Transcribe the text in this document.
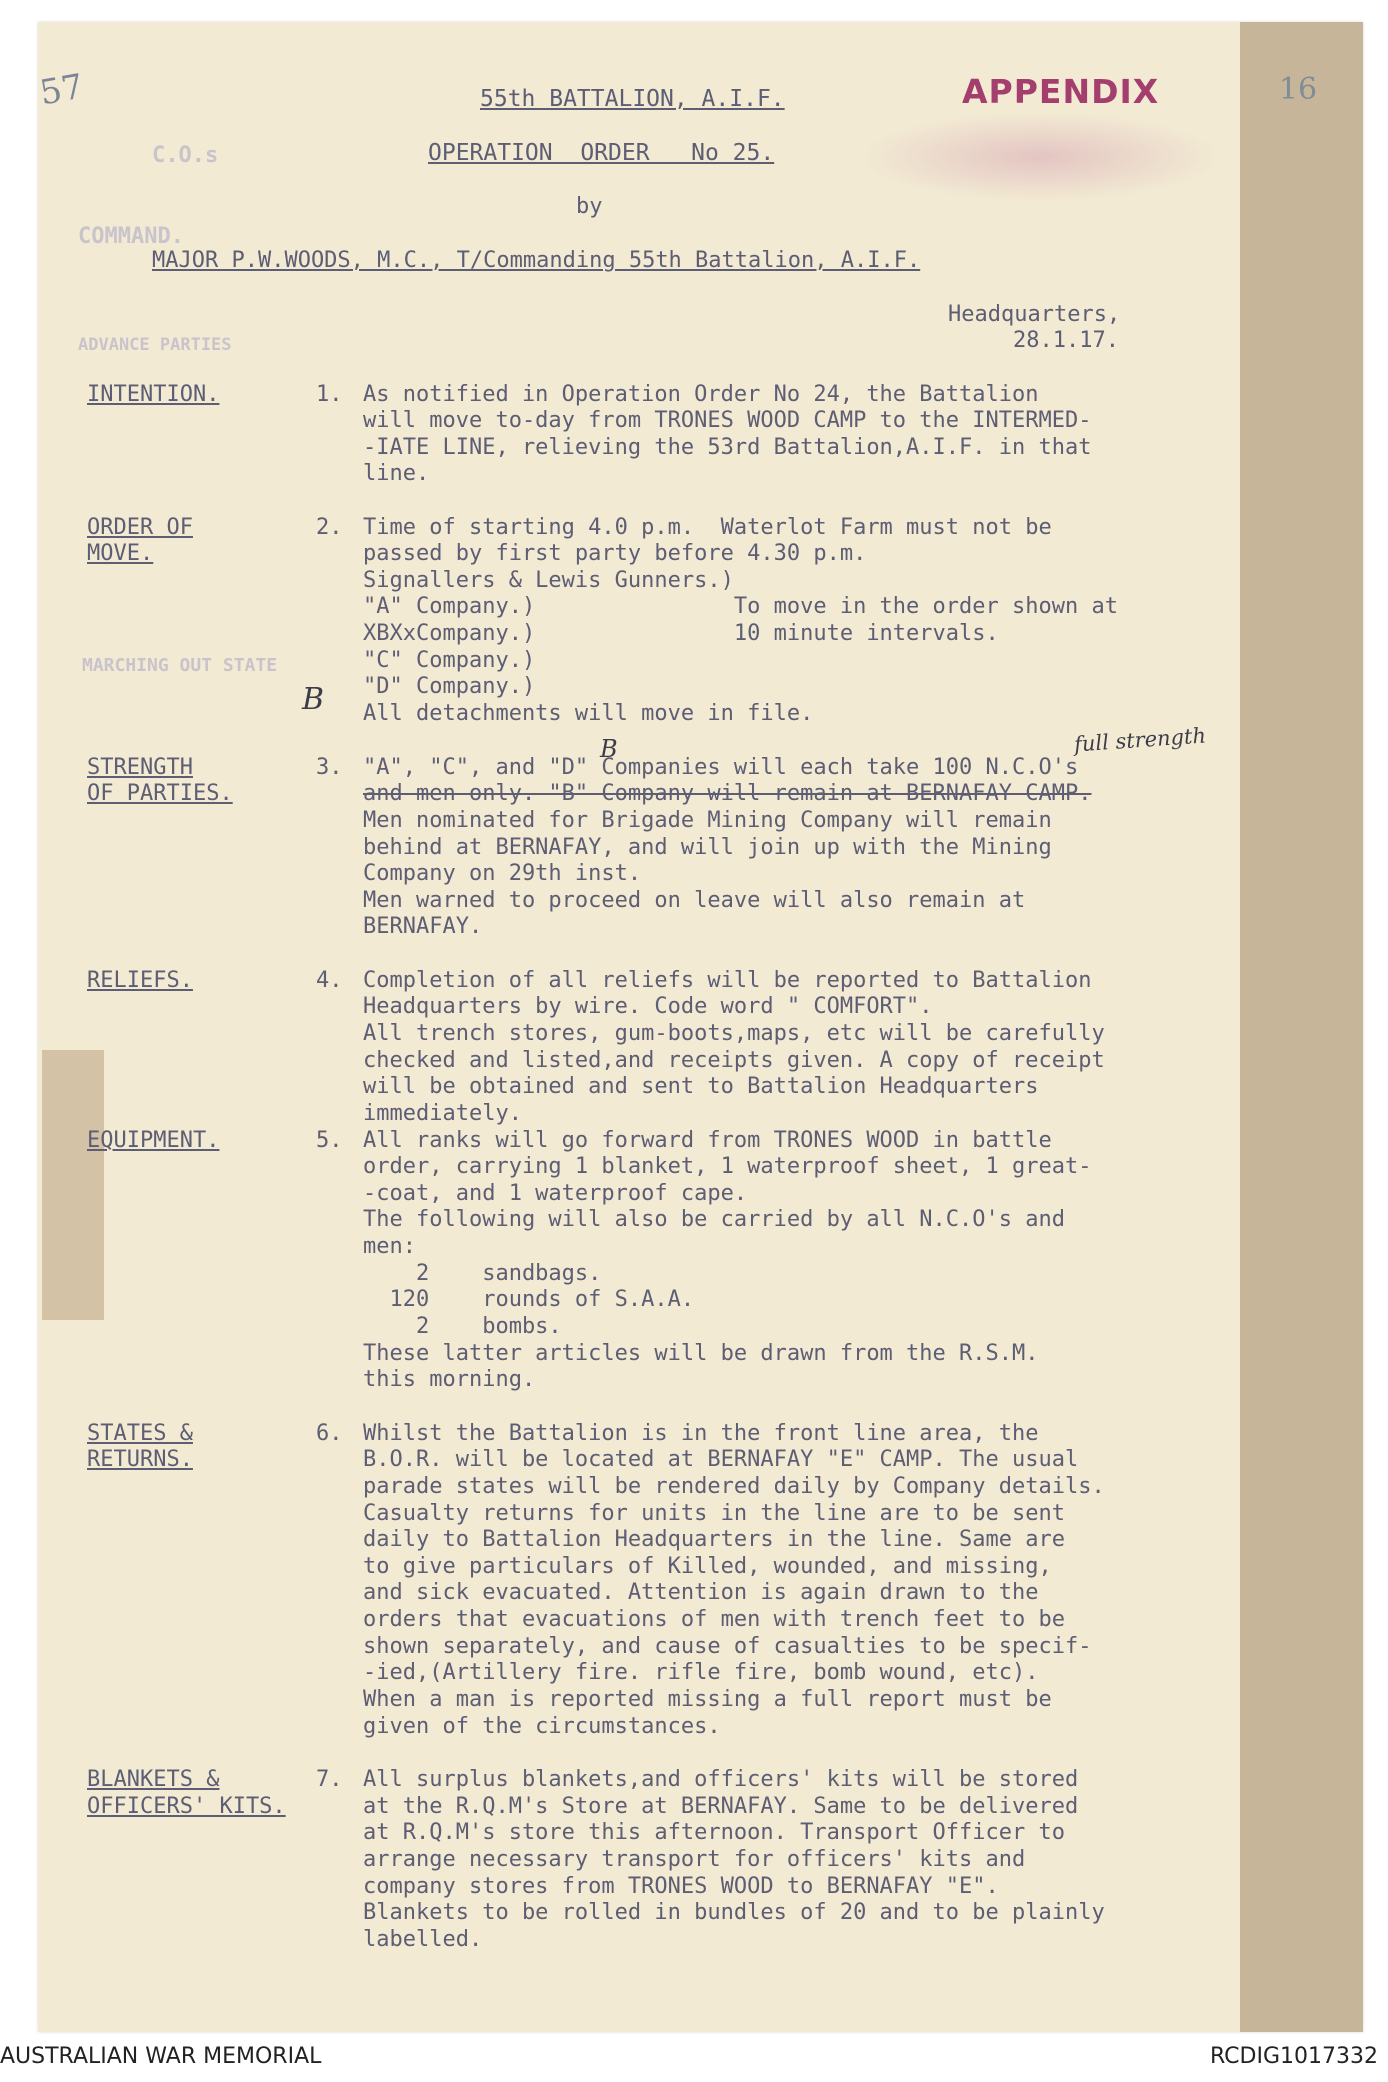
16
57
C.O.s
COMMAND.
ADVANCE PARTIES
MARCHING OUT STATE
APPENDIX
55th BATTALION, A.I.F.
OPERATION  ORDER   No 25.
by
MAJOR P.W.WOODS, M.C., T/Commanding 55th Battalion, A.I.F.
Headquarters,
28.1.17.
INTENTION.	1. As notified in Operation Order No 24, the Battalion
will move to-day from TRONES WOOD CAMP to the INTERMED-
-IATE LINE, relieving the 53rd Battalion,A.I.F. in that
line.
ORDER OF
MOVE.
2. Time of starting 4.0 p.m.  Waterlot Farm must not be
passed by first party before 4.30 p.m.
Signallers & Lewis Gunners.)
"A" Company.)               To move in the order shown at
XBXxCompany.)               10 minute intervals.
"C" Company.)
"D" Company.)
All detachments will move in file.
STRENGTH
OF PARTIES.
3. "A", "C", and "D" Companies will each take 100 N.C.O's
and men only. "B" Company will remain at BERNAFAY CAMP.
Men nominated for Brigade Mining Company will remain
behind at BERNAFAY, and will join up with the Mining
Company on 29th inst.
Men warned to proceed on leave will also remain at
BERNAFAY.
RELIEFS.	4. Completion of all reliefs will be reported to Battalion
Headquarters by wire. Code word " COMFORT".
All trench stores, gum-boots,maps, etc will be carefully
checked and listed,and receipts given. A copy of receipt
will be obtained and sent to Battalion Headquarters
immediately.
EQUIPMENT.	5. All ranks will go forward from TRONES WOOD in battle
order, carrying 1 blanket, 1 waterproof sheet, 1 great-
-coat, and 1 waterproof cape.
The following will also be carried by all N.C.O's and
men:
2    sandbags.
120    rounds of S.A.A.
2    bombs.
These latter articles will be drawn from the R.S.M.
this morning.
STATES &
RETURNS.
6. Whilst the Battalion is in the front line area, the
B.O.R. will be located at BERNAFAY "E" CAMP. The usual
parade states will be rendered daily by Company details.
Casualty returns for units in the line are to be sent
daily to Battalion Headquarters in the line. Same are
to give particulars of Killed, wounded, and missing,
and sick evacuated. Attention is again drawn to the
orders that evacuations of men with trench feet to be
shown separately, and cause of casualties to be specif-
-ied,(Artillery fire. rifle fire, bomb wound, etc).
When a man is reported missing a full report must be
given of the circumstances.
BLANKETS &
OFFICERS' KITS.
7. All surplus blankets,and officers' kits will be stored
at the R.Q.M's Store at BERNAFAY. Same to be delivered
at R.Q.M's store this afternoon. Transport Officer to
arrange necessary transport for officers' kits and
company stores from TRONES WOOD to BERNAFAY "E".
Blankets to be rolled in bundles of 20 and to be plainly
labelled.
full strength
B
B
AUSTRALIAN WAR MEMORIAL	RCDIG1017332
